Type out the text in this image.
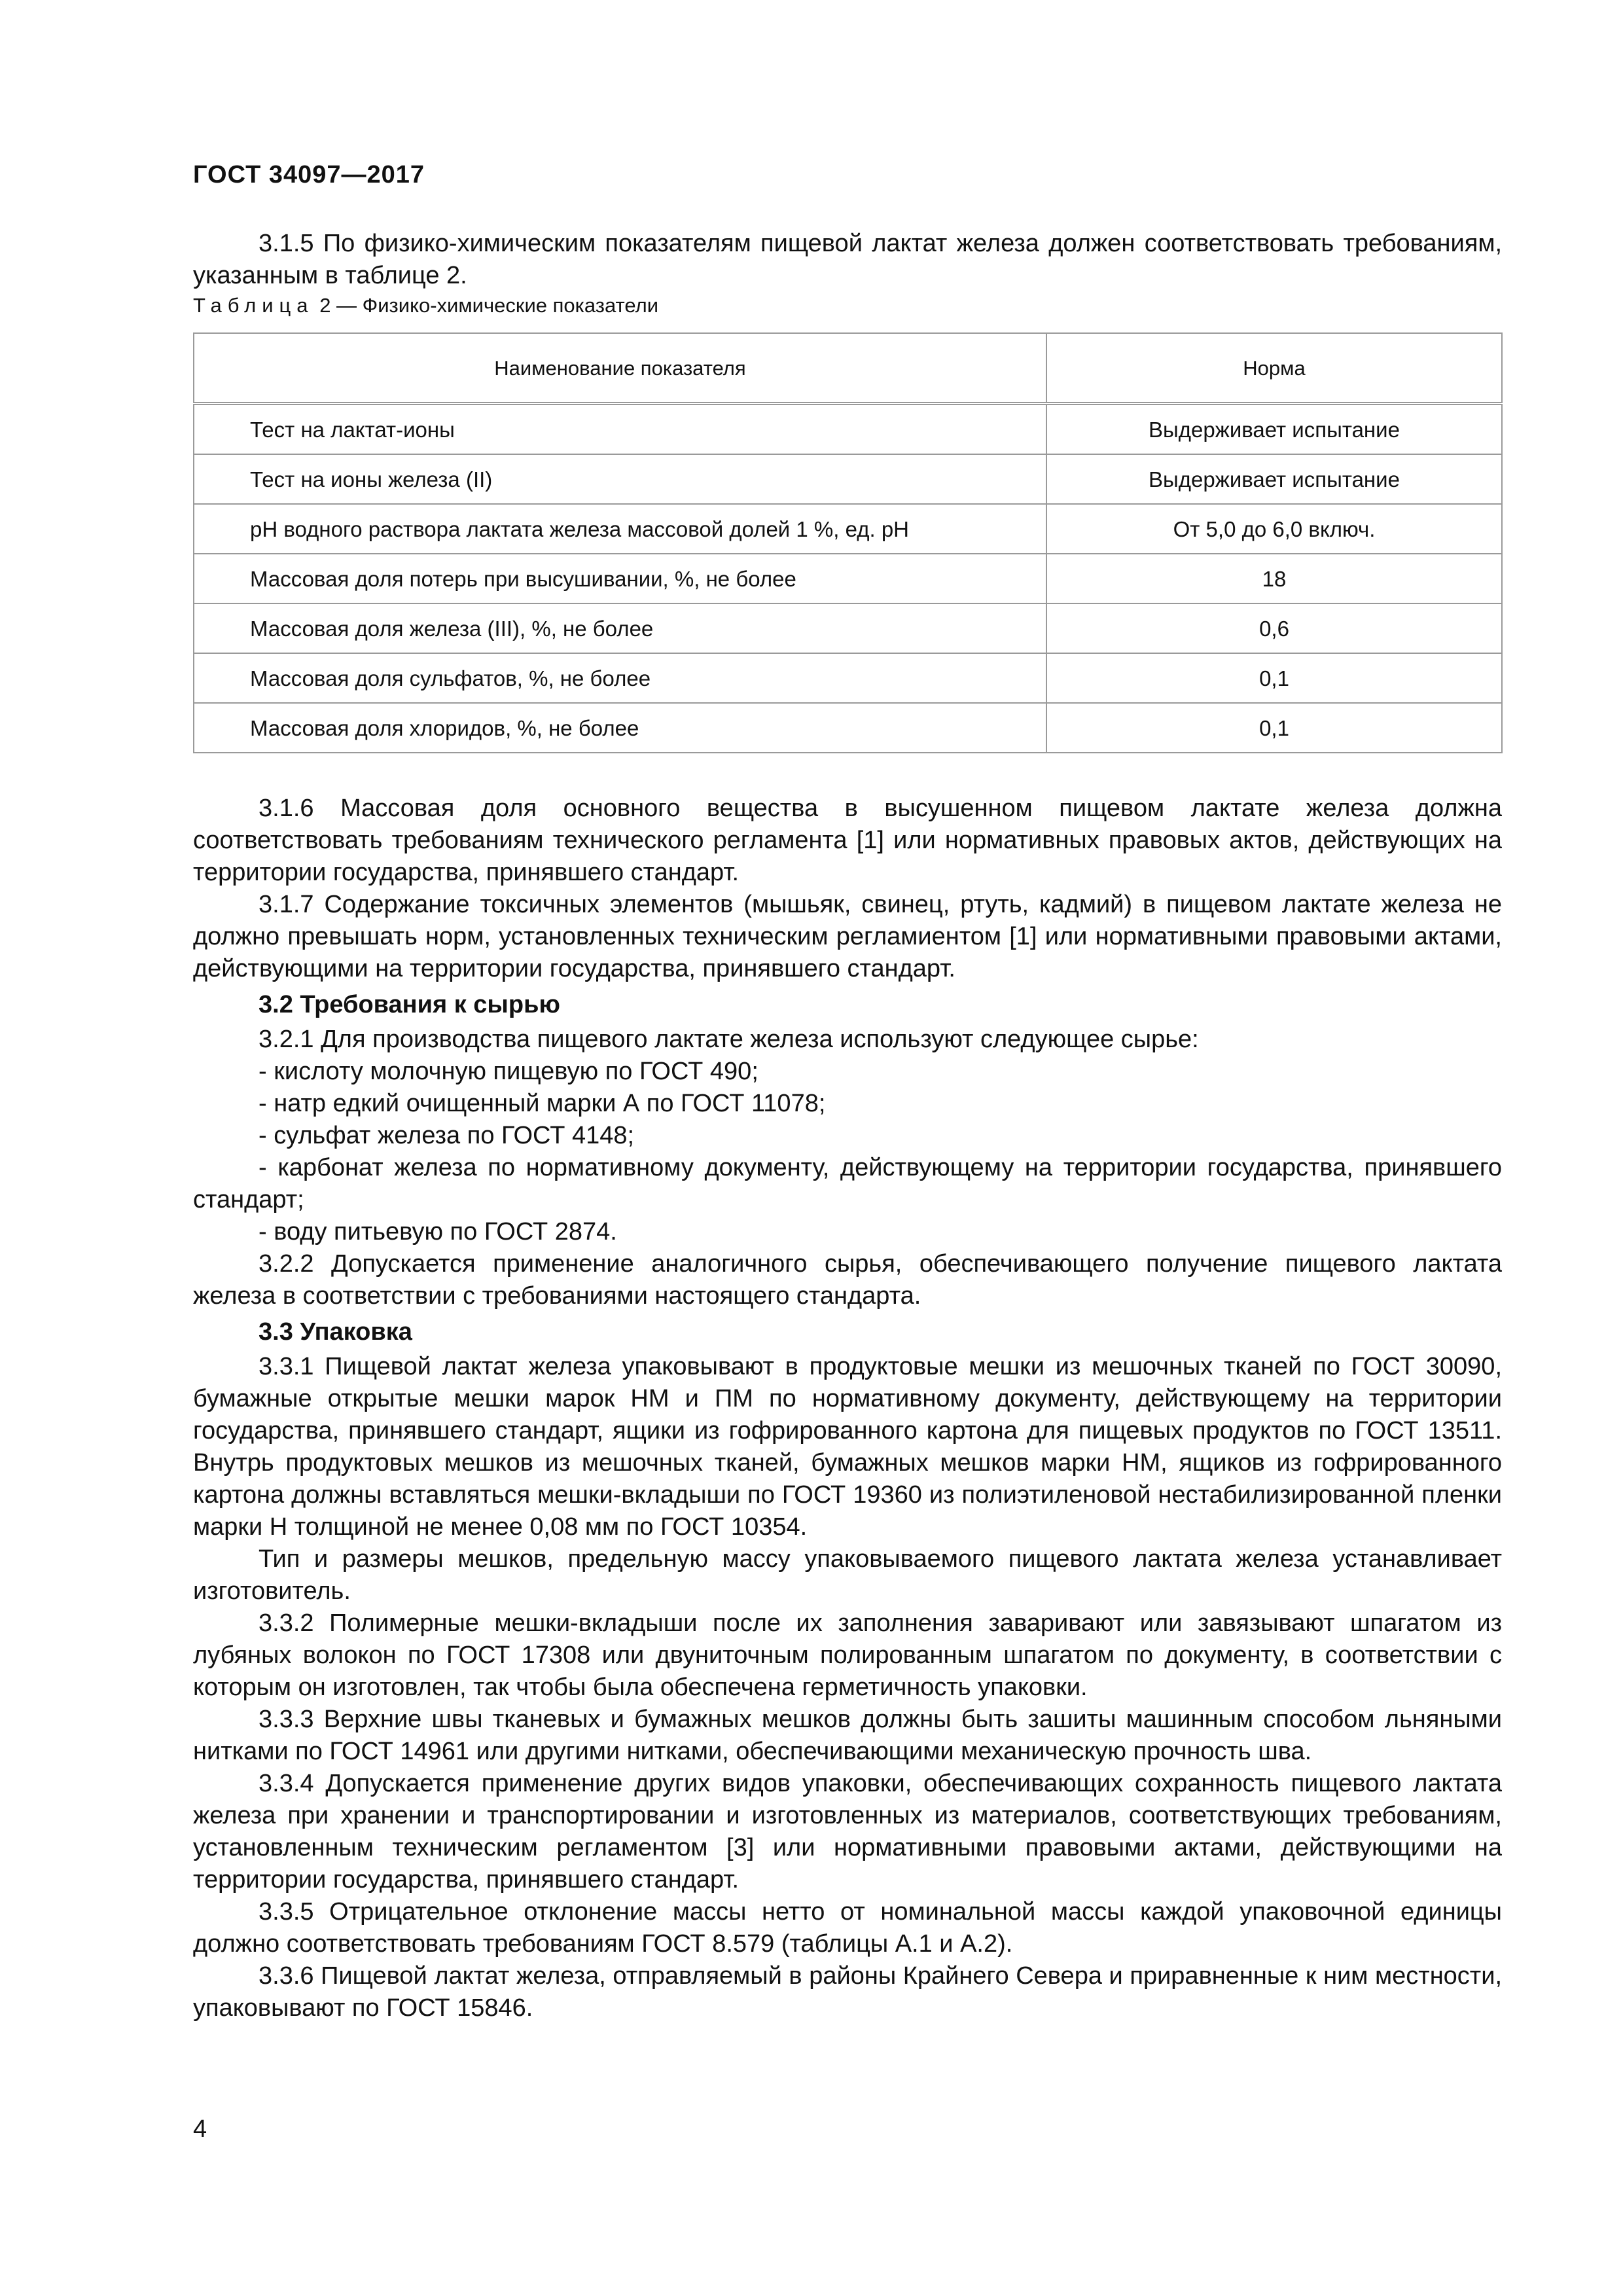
ГОСТ 34097—2017

3.1.5 По физико-химическим показателям пищевой лактат железа должен соответствовать требованиям, указанным в таблице 2.

Таблица 2 — Физико-химические показатели

Наименование показателя	Норма
Тест на лактат-ионы	Выдерживает испытание
Тест на ионы железа (II)	Выдерживает испытание
pH водного раствора лактата железа массовой долей 1 %, ед. pH	От 5,0 до 6,0 включ.
Массовая доля потерь при высушивании, %, не более	18
Массовая доля железа (III), %, не более	0,6
Массовая доля сульфатов, %, не более	0,1
Массовая доля хлоридов, %, не более	0,1

3.1.6 Массовая доля основного вещества в высушенном пищевом лактате железа должна соответствовать требованиям технического регламента [1] или нормативных правовых актов, действующих на территории государства, принявшего стандарт.

3.1.7 Содержание токсичных элементов (мышьяк, свинец, ртуть, кадмий) в пищевом лактате железа не должно превышать норм, установленных техническим регламиентом [1] или нормативными правовыми актами, действующими на территории государства, принявшего стандарт.

3.2 Требования к сырью

3.2.1 Для производства пищевого лактате железа используют следующее сырье:

- кислоту молочную пищевую по ГОСТ 490;

- натр едкий очищенный марки А по ГОСТ 11078;

- сульфат железа по ГОСТ 4148;

- карбонат железа по нормативному документу, действующему на территории государства, принявшего стандарт;

- воду питьевую по ГОСТ 2874.

3.2.2 Допускается применение аналогичного сырья, обеспечивающего получение пищевого лактата железа в соответствии с требованиями настоящего стандарта.

3.3 Упаковка

3.3.1 Пищевой лактат железа упаковывают в продуктовые мешки из мешочных тканей по ГОСТ 30090, бумажные открытые мешки марок НМ и ПМ по нормативному документу, действующему на территории государства, принявшего стандарт, ящики из гофрированного картона для пищевых продуктов по ГОСТ 13511. Внутрь продуктовых мешков из мешочных тканей, бумажных мешков марки НМ, ящиков из гофрированного картона должны вставляться мешки-вкладыши по ГОСТ 19360 из полиэтиленовой нестабилизированной пленки марки Н толщиной не менее 0,08 мм по ГОСТ 10354.

Тип и размеры мешков, предельную массу упаковываемого пищевого лактата железа устанавливает изготовитель.

3.3.2 Полимерные мешки-вкладыши после их заполнения заваривают или завязывают шпагатом из лубяных волокон по ГОСТ 17308 или двуниточным полированным шпагатом по документу, в соответствии с которым он изготовлен, так чтобы была обеспечена герметичность упаковки.

3.3.3 Верхние швы тканевых и бумажных мешков должны быть зашиты машинным способом льняными нитками по ГОСТ 14961 или другими нитками, обеспечивающими механическую прочность шва.

3.3.4 Допускается применение других видов упаковки, обеспечивающих сохранность пищевого лактата железа при хранении и транспортировании и изготовленных из материалов, соответствующих требованиям, установленным техническим регламентом [3] или нормативными правовыми актами, действующими на территории государства, принявшего стандарт.

3.3.5 Отрицательное отклонение массы нетто от номинальной массы каждой упаковочной единицы должно соответствовать требованиям ГОСТ 8.579 (таблицы А.1 и А.2).

3.3.6 Пищевой лактат железа, отправляемый в районы Крайнего Севера и приравненные к ним местности, упаковывают по ГОСТ 15846.

4
